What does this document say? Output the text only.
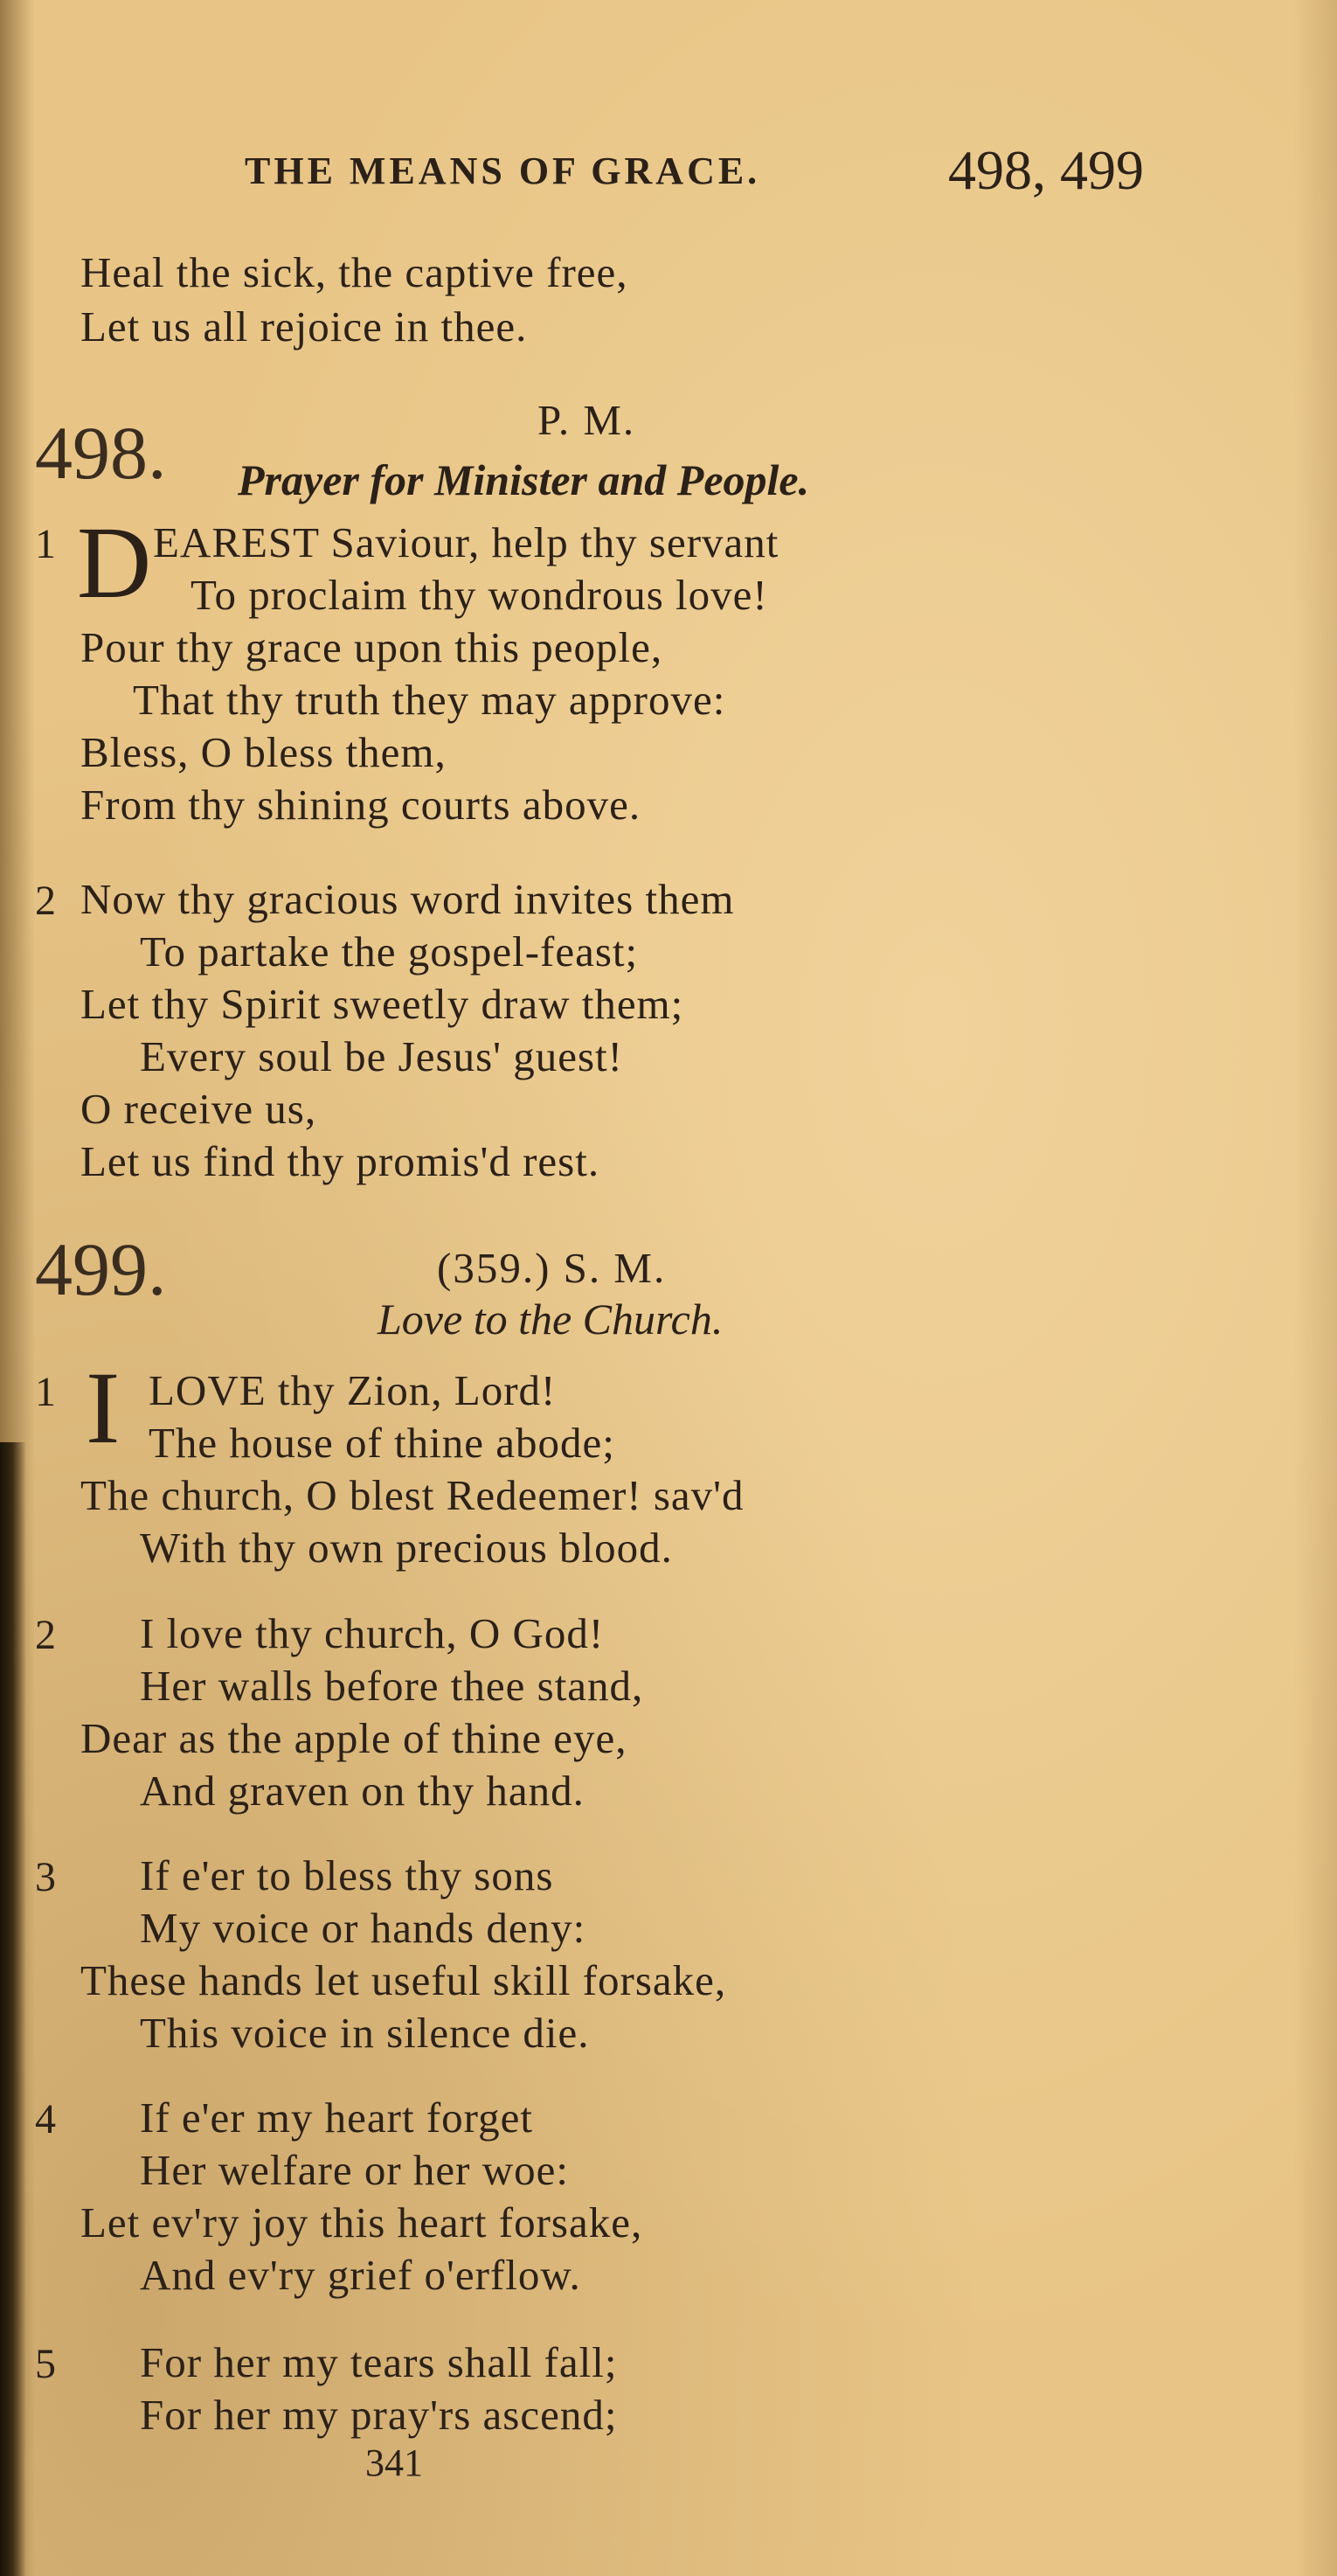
THE MEANS OF GRACE.	498, 499
Heal the sick, the captive free,
Let us all rejoice in thee.
498.	P. M.
Prayer for Minister and People.
1 D EAREST Saviour, help thy servant
To proclaim thy wondrous love!
Pour thy grace upon this people,
That thy truth they may approve:
Bless, O bless them,
From thy shining courts above.
2 Now thy gracious word invites them
To partake the gospel-feast;
Let thy Spirit sweetly draw them;
Every soul be Jesus' guest!
O receive us,
Let us find thy promis'd rest.
499.	(359.) S. M.
Love to the Church.
1 I LOVE thy Zion, Lord!
The house of thine abode;
The church, O blest Redeemer! sav'd
With thy own precious blood.
2 I love thy church, O God!
Her walls before thee stand,
Dear as the apple of thine eye,
And graven on thy hand.
3 If e'er to bless thy sons
My voice or hands deny:
These hands let useful skill forsake,
This voice in silence die.
4 If e'er my heart forget
Her welfare or her woe:
Let ev'ry joy this heart forsake,
And ev'ry grief o'erflow.
5 For her my tears shall fall;
For her my pray'rs ascend;
341
